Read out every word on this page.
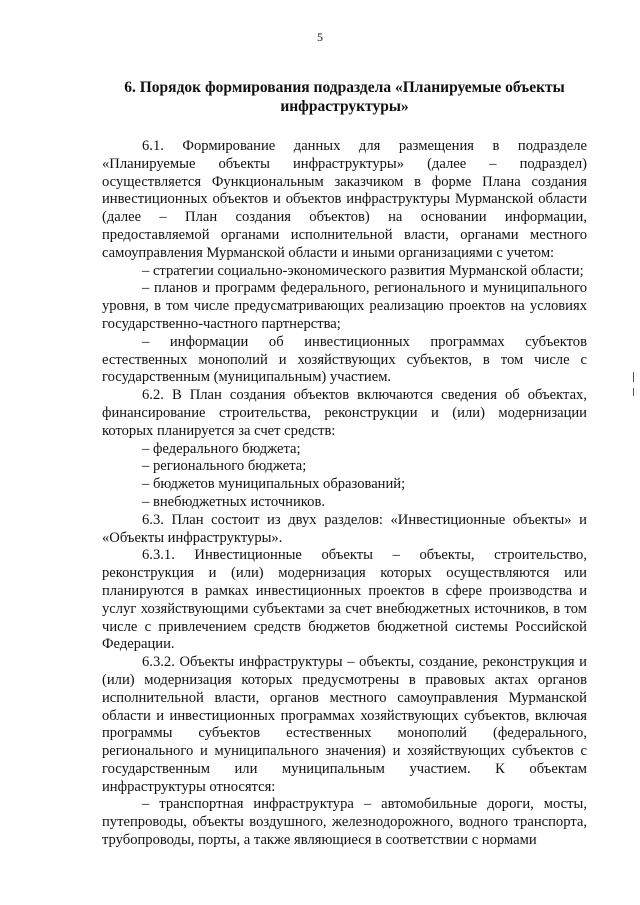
5
6. Порядок формирования подраздела «Планируемые объекты инфраструктуры»

6.1. Формирование данных для размещения в подразделе «Планируемые объекты инфраструктуры» (далее – подраздел) осуществляется Функциональным заказчиком в форме Плана создания инвестиционных объектов и объектов инфраструктуры Мурманской области (далее – План создания объектов) на основании информации, предоставляемой органами исполнительной власти, органами местного самоуправления Мурманской области и иными организациями с учетом:

– стратегии социально-экономического развития Мурманской области;

– планов и программ федерального, регионального и муниципального уровня, в том числе предусматривающих реализацию проектов на условиях государственно-частного партнерства;

– информации об инвестиционных программах субъектов естественных монополий и хозяйствующих субъектов, в том числе с государственным (муниципальным) участием.

6.2. В План создания объектов включаются сведения об объектах, финансирование строительства, реконструкции и (или) модернизации которых планируется за счет средств:

– федерального бюджета;

– регионального бюджета;

– бюджетов муниципальных образований;

– внебюджетных источников.

6.3. План состоит из двух разделов: «Инвестиционные объекты» и «Объекты инфраструктуры».

6.3.1. Инвестиционные объекты – объекты, строительство, реконструкция и (или) модернизация которых осуществляются или планируются в рамках инвестиционных проектов в сфере производства и услуг хозяйствующими субъектами за счет внебюджетных источников, в том числе с привлечением средств бюджетов бюджетной системы Российской Федерации.

6.3.2. Объекты инфраструктуры – объекты, создание, реконструкция и (или) модернизация которых предусмотрены в правовых актах органов исполнительной власти, органов местного самоуправления Мурманской области и инвестиционных программах хозяйствующих субъектов, включая программы субъектов естественных монополий (федерального, регионального и муниципального значения) и хозяйствующих субъектов с государственным или муниципальным участием. К объектам инфраструктуры относятся:

– транспортная инфраструктура – автомобильные дороги, мосты, путепроводы, объекты воздушного, железнодорожного, водного транспорта, трубопроводы, порты, а также являющиеся в соответствии с нормами
